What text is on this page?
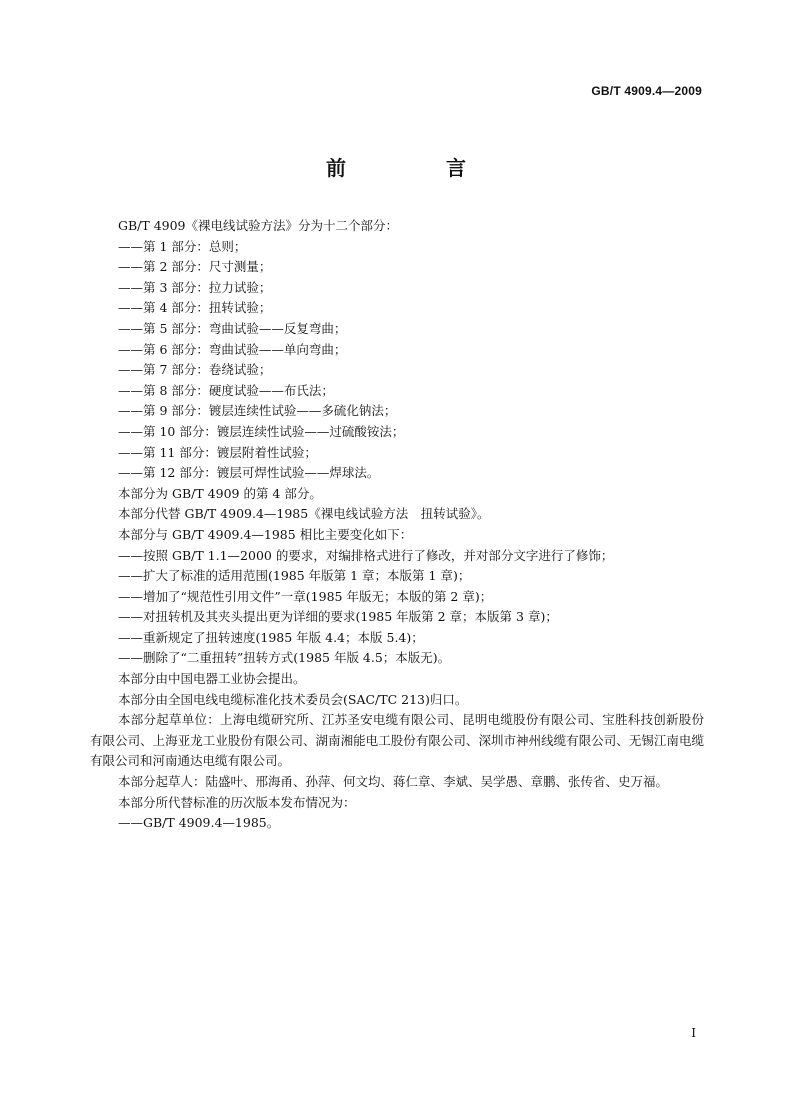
GB/T 4909.4—2009
前　言

GB/T 4909《裸电线试验方法》分为十二个部分：

——第 1 部分：总则；

——第 2 部分：尺寸测量；

——第 3 部分：拉力试验；

——第 4 部分：扭转试验；

——第 5 部分：弯曲试验——反复弯曲；

——第 6 部分：弯曲试验——单向弯曲；

——第 7 部分：卷绕试验；

——第 8 部分：硬度试验——布氏法；

——第 9 部分：镀层连续性试验——多硫化钠法；

——第 10 部分：镀层连续性试验——过硫酸铵法；

——第 11 部分：镀层附着性试验；

——第 12 部分：镀层可焊性试验——焊球法。

本部分为 GB/T 4909 的第 4 部分。

本部分代替 GB/T 4909.4—1985《裸电线试验方法　扭转试验》。

本部分与 GB/T 4909.4—1985 相比主要变化如下：

——按照 GB/T 1.1—2000 的要求，对编排格式进行了修改，并对部分文字进行了修饰；

——扩大了标准的适用范围(1985 年版第 1 章；本版第 1 章)；

——增加了“规范性引用文件”一章(1985 年版无；本版的第 2 章)；

——对扭转机及其夹头提出更为详细的要求(1985 年版第 2 章；本版第 3 章)；

——重新规定了扭转速度(1985 年版 4.4；本版 5.4)；

——删除了“二重扭转”扭转方式(1985 年版 4.5；本版无)。

本部分由中国电器工业协会提出。

本部分由全国电线电缆标准化技术委员会(SAC/TC 213)归口。

本部分起草单位：上海电缆研究所、江苏圣安电缆有限公司、昆明电缆股份有限公司、宝胜科技创新股份有限公司、上海亚龙工业股份有限公司、湖南湘能电工股份有限公司、深圳市神州线缆有限公司、无锡江南电缆有限公司和河南通达电缆有限公司。

本部分起草人：陆盛叶、邢海甬、孙萍、何文均、蒋仁章、李斌、吴学愚、章鹏、张传省、史万福。

本部分所代替标准的历次版本发布情况为：

——GB/T 4909.4—1985。

I
